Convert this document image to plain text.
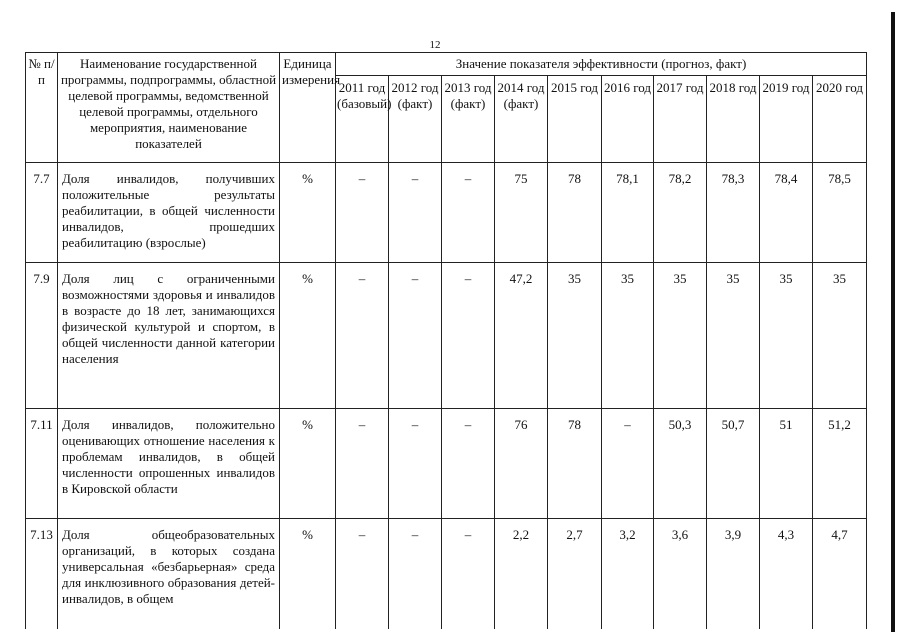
12
№ п/п	Наименование государственной программы, подпрограммы, областной целевой программы, ведомственной целевой программы, отдельного мероприятия, наименование показателей	Единица измерения	Значение показателя эффективности (прогноз, факт)									
			2011 год (базовый)	2012 год (факт)	2013 год (факт)	2014 год (факт)	2015 год	2016 год	2017 год	2018 год	2019 год	2020 год
7.7	Доля инвалидов, получивших положительные результаты реабилитации, в общей численности инвалидов, прошедших реабилитацию (взрослые)	%	–	–	–	75	78	78,1	78,2	78,3	78,4	78,5
7.9	Доля лиц с ограниченными возможностями здоровья и инвалидов в возрасте до 18 лет, занимающихся физической культурой и спортом, в общей численности данной категории населения	%	–	–	–	47,2	35	35	35	35	35	35
7.11	Доля инвалидов, положительно оценивающих отношение населения к проблемам инвалидов, в общей численности опрошенных инвалидов в Кировской области	%	–	–	–	76	78	–	50,3	50,7	51	51,2
7.13	Доля общеобразовательных организаций, в которых создана универсальная «безбарьерная» среда для инклюзивного образования детей-инвалидов, в общем	%	–	–	–	2,2	2,7	3,2	3,6	3,9	4,3	4,7
